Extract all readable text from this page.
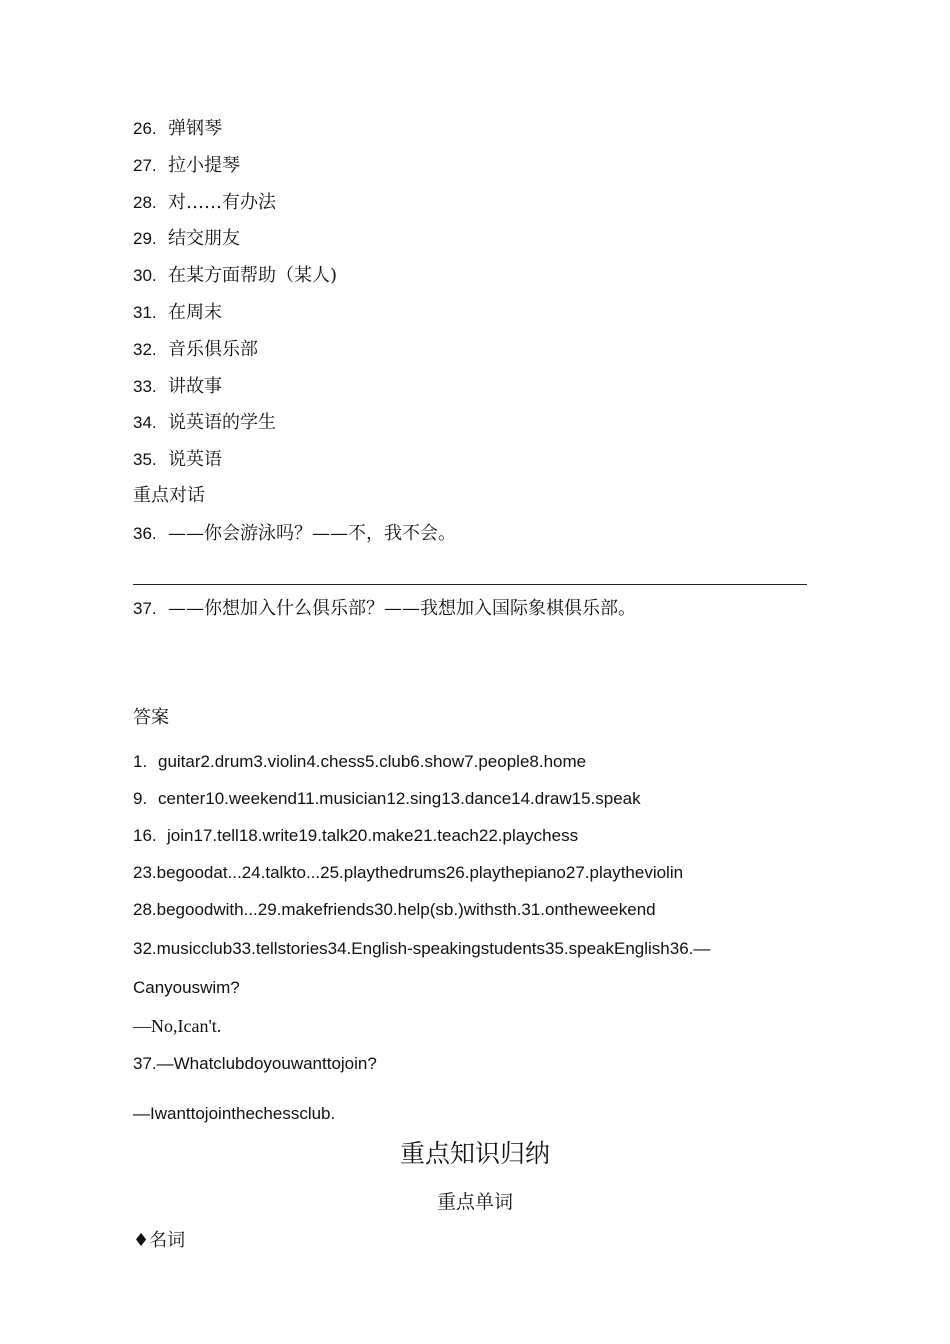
26. 弹钢琴
27. 拉小提琴
28. 对……有办法
29. 结交朋友
30. 在某方面帮助（某人)
31. 在周末
32. 音乐俱乐部
33. 讲故事
34. 说英语的学生
35. 说英语
重点对话
36. ——你会游泳吗？——不，我不会。
37. ——你想加入什么俱乐部？——我想加入国际象棋俱乐部。
答案
1. guitar2.drum3.violin4.chess5.club6.show7.people8.home
9. center10.weekend11.musician12.sing13.dance14.draw15.speak
16. join17.tell18.write19.talk20.make21.teach22.playchess
23.begoodat...24.talkto...25.playthedrums26.playthepiano27.playtheviolin
28.begoodwith...29.makefriends30.help(sb.)withsth.31.ontheweekend
32.musicclub33.tellstories34.English-speakingstudents35.speakEnglish36.—
Canyouswim?
—No,Ican't.
37.—Whatclubdoyouwanttojoin?
—Iwanttojointhechessclub.
重点知识归纳
重点单词
♦名词
